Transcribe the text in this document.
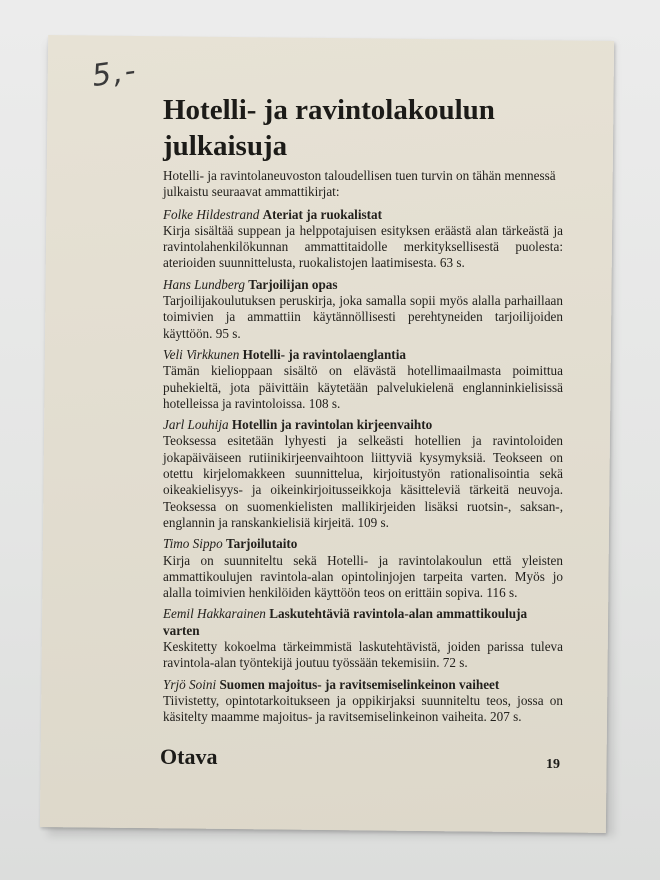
5,-
Hotelli- ja ravintolakoulun julkaisuja

Hotelli- ja ravintolaneuvoston taloudellisen tuen turvin on tähän mennessä julkaistu seuraavat ammattikirjat:

Folke Hildestrand Ateriat ja ruokalistat

Kirja sisältää suppean ja helppotajuisen esityksen eräästä alan tärkeästä ja ravintolahenkilökunnan ammattitaidolle merkityksellisestä puolesta: aterioiden suunnittelusta, ruokalistojen laatimisesta. 63 s.

Hans Lundberg Tarjoilijan opas

Tarjoilijakoulutuksen peruskirja, joka samalla sopii myös alalla parhaillaan toimivien ja ammattiin käytännöllisesti perehtyneiden tarjoilijoiden käyttöön. 95 s.

Veli Virkkunen Hotelli- ja ravintolaenglantia

Tämän kielioppaan sisältö on elävästä hotellimaailmasta poimittua puhekieltä, jota päivittäin käytetään palvelukielenä englanninkielisissä hotelleissa ja ravintoloissa. 108 s.

Jarl Louhija Hotellin ja ravintolan kirjeenvaihto

Teoksessa esitetään lyhyesti ja selkeästi hotellien ja ravintoloiden jokapäiväiseen rutiinikirjeenvaihtoon liittyviä kysymyksiä. Teokseen on otettu kirjelomakkeen suunnittelua, kirjoitustyön rationalisointia sekä oikeakielisyys- ja oikeinkirjoitusseikkoja käsitteleviä tärkeitä neuvoja. Teoksessa on suomenkielisten mallikirjeiden lisäksi ruotsin-, saksan-, englannin ja ranskankielisiä kirjeitä. 109 s.

Timo Sippo Tarjoilutaito

Kirja on suunniteltu sekä Hotelli- ja ravintolakoulun että yleisten ammattikoulujen ravintola-alan opintolinjojen tarpeita varten. Myös jo alalla toimivien henkilöiden käyttöön teos on erittäin sopiva. 116 s.

Eemil Hakkarainen Laskutehtäviä ravintola-alan ammattikouluja varten

Keskitetty kokoelma tärkeimmistä laskutehtävistä, joiden parissa tuleva ravintola-alan työntekijä joutuu työssään tekemisiin. 72 s.

Yrjö Soini Suomen majoitus- ja ravitsemiselinkeinon vaiheet

Tiivistetty, opintotarkoitukseen ja oppikirjaksi suunniteltu teos, jossa on käsitelty maamme majoitus- ja ravitsemiselinkeinon vaiheita. 207 s.

Otava	19
